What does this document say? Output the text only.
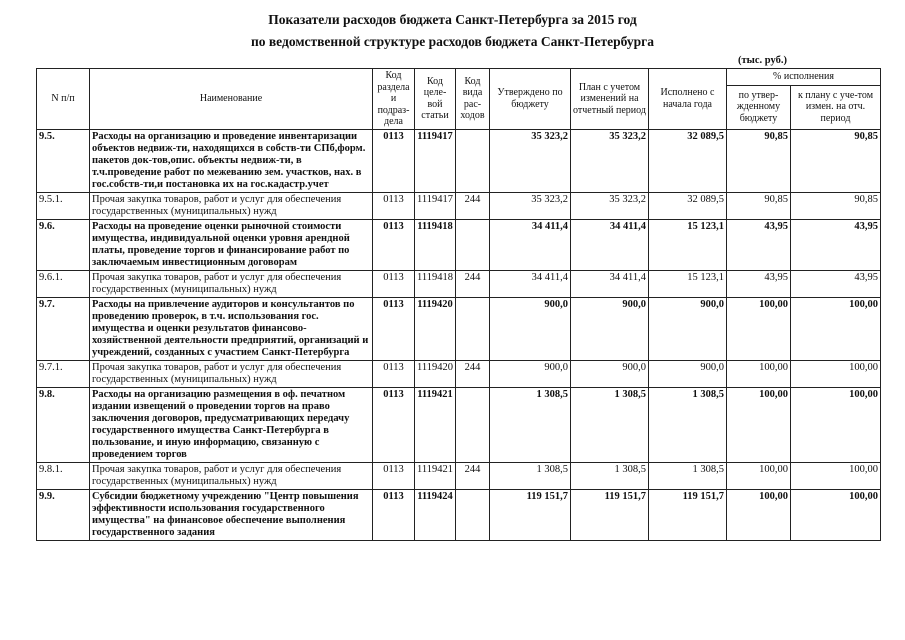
Показатели расходов бюджета Санкт-Петербурга за 2015 год
по ведомственной структуре расходов бюджета Санкт-Петербурга
(тыс. руб.)
N п/п	Наименование	Код раздела и подраз-дела	Код целе-вой статьи	Код вида рас-ходов	Утверждено по бюджету	План с учетом изменений на отчетный период	Исполнено с начала года	% исполнения	
								по утвер-жденному бюджету	к плану с уче-том измен. на отч. период
9.5.	Расходы на организацию и проведение инвентаризации объектов недвиж-ти, находящихся в собств-ти СПб,форм. пакетов док-тов,опис. объекты недвиж-ти, в т.ч.проведение работ по межеванию зем. участков, нах. в гос.собств-ти,и постановка их на гос.кадастр.учет	0113	1119417		35 323,2	35 323,2	32 089,5	90,85	90,85
9.5.1.	Прочая закупка товаров, работ и услуг для обеспечения государственных (муниципальных) нужд	0113	1119417	244	35 323,2	35 323,2	32 089,5	90,85	90,85
9.6.	Расходы на проведение оценки рыночной стоимости имущества, индивидуальной оценки уровня арендной платы, проведение торгов и финансирование работ по заключаемым инвестиционным договорам	0113	1119418		34 411,4	34 411,4	15 123,1	43,95	43,95
9.6.1.	Прочая закупка товаров, работ и услуг для обеспечения государственных (муниципальных) нужд	0113	1119418	244	34 411,4	34 411,4	15 123,1	43,95	43,95
9.7.	Расходы на привлечение аудиторов и консультантов по проведению проверок, в т.ч. использования гос. имущества и оценки результатов финансово-хозяйственной деятельности предприятий, организаций и учреждений, созданных с участием Санкт-Петербурга	0113	1119420		900,0	900,0	900,0	100,00	100,00
9.7.1.	Прочая закупка товаров, работ и услуг для обеспечения государственных (муниципальных) нужд	0113	1119420	244	900,0	900,0	900,0	100,00	100,00
9.8.	Расходы на организацию размещения в оф. печатном издании извещений о проведении торгов на право заключения договоров, предусматривающих передачу государственного имущества Санкт-Петербурга в пользование, и иную информацию, связанную с проведением торгов	0113	1119421		1 308,5	1 308,5	1 308,5	100,00	100,00
9.8.1.	Прочая закупка товаров, работ и услуг для обеспечения государственных (муниципальных) нужд	0113	1119421	244	1 308,5	1 308,5	1 308,5	100,00	100,00
9.9.	Субсидии бюджетному учреждению "Центр повышения эффективности использования государственного имущества" на финансовое обеспечение выполнения государственного задания	0113	1119424		119 151,7	119 151,7	119 151,7	100,00	100,00
